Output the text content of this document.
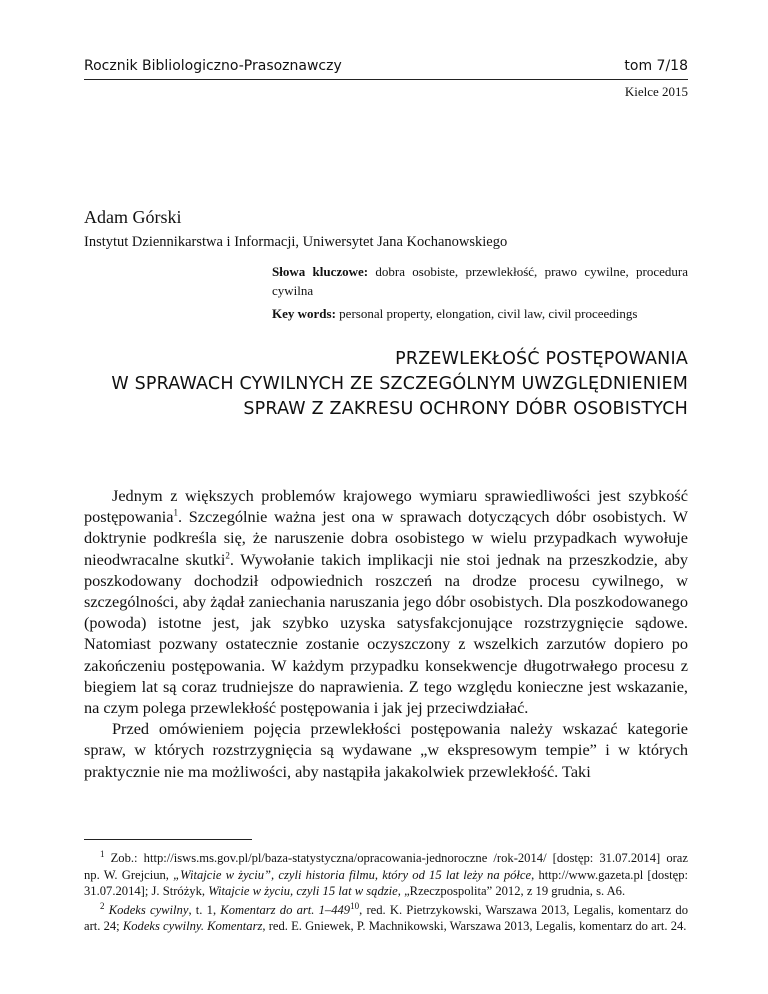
Rocznik Bibliologiczno-Prasoznawczy	tom 7/18
Kielce 2015
Adam Górski
Instytut Dziennikarstwa i Informacji, Uniwersytet Jana Kochanowskiego

Słowa kluczowe: dobra osobiste, przewlekłość, prawo cywilne, procedura cywilna

Key words: personal property, elongation, civil law, civil proceedings

PRZEWLEKŁOŚĆ POSTĘPOWANIA
W SPRAWACH CYWILNYCH ZE SZCZEGÓLNYM UWZGLĘDNIENIEM
SPRAW Z ZAKRESU OCHRONY DÓBR OSOBISTYCH

Jednym z większych problemów krajowego wymiaru sprawiedliwości jest szybkość postępowania$^1$. Szczególnie ważna jest ona w sprawach dotyczących dóbr osobistych. W doktrynie podkreśla się, że naruszenie dobra osobistego w wielu przypadkach wywołuje nieodwracalne skutki$^2$. Wywołanie takich implikacji nie stoi jednak na przeszkodzie, aby poszkodowany dochodził odpowiednich roszczeń na drodze procesu cywilnego, w szczególności, aby żądał zaniechania naruszania jego dóbr osobistych. Dla poszkodowanego (powoda) istotne jest, jak szybko uzyska satysfakcjonujące rozstrzygnięcie sądowe. Natomiast pozwany ostatecznie zostanie oczyszczony z wszelkich zarzutów dopiero po zakończeniu postępowania. W każdym przypadku konsekwencje długotrwałego procesu z biegiem lat są coraz trudniejsze do naprawienia. Z tego względu konieczne jest wskazanie, na czym polega przewlekłość postępowania i jak jej przeciwdziałać.

Przed omówieniem pojęcia przewlekłości postępowania należy wskazać kategorie spraw, w których rozstrzygnięcia są wydawane „w ekspresowym tempie” i w których praktycznie nie ma możliwości, aby nastąpiła jakakolwiek przewlekłość. Taki

$^1$ Zob.: http://isws.ms.gov.pl/pl/baza-statystyczna/opracowania-jednoroczne /rok-2014/ [dostęp: 31.07.2014] oraz np. W. Grejciun, „Witajcie w życiu”, czyli historia filmu, który od 15 lat leży na półce, http://www.gazeta.pl [dostęp: 31.07.2014]; J. Stróżyk, Witajcie w życiu, czyli 15 lat w sądzie, „Rzeczpospolita” 2012, z 19 grudnia, s. A6.

$^2$ Kodeks cywilny, t. 1, Komentarz do art. $1-449^{10}$, red. K. Pietrzykowski, Warszawa 2013, Legalis, komentarz do art. 24; Kodeks cywilny. Komentarz, red. E. Gniewek, P. Machnikowski, Warszawa 2013, Legalis, komentarz do art. 24.
